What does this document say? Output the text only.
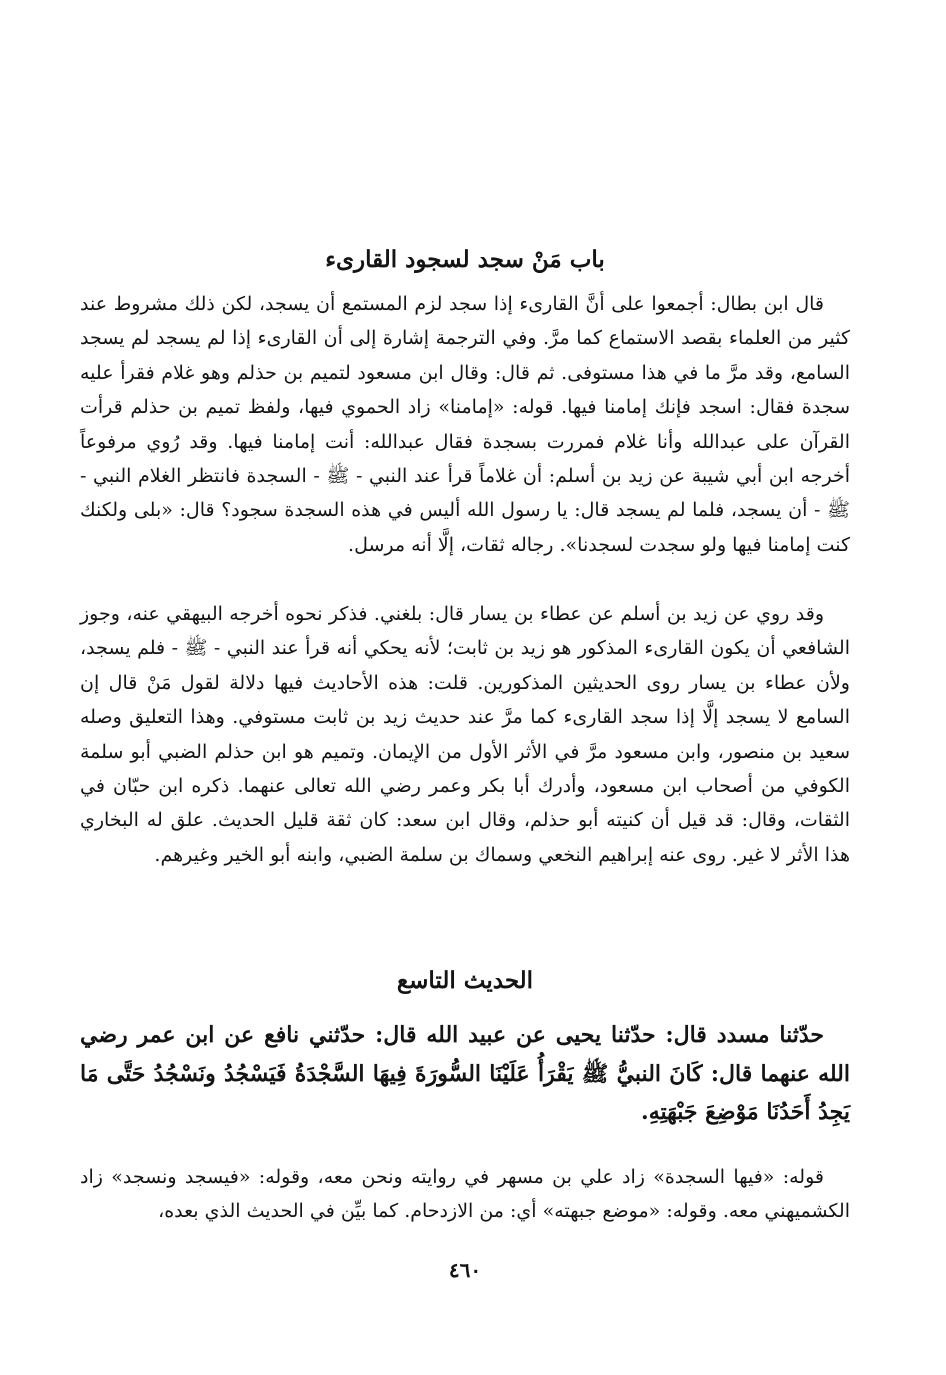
باب مَنْ سجد لسجود القارىء

قال ابن بطال: أجمعوا على أنَّ القارىء إذا سجد لزم المستمع أن يسجد، لكن ذلك مشروط عند كثير من العلماء بقصد الاستماع كما مرَّ. وفي الترجمة إشارة إلى أن القارىء إذا لم يسجد لم يسجد السامع، وقد مرَّ ما في هذا مستوفى. ثم قال: وقال ابن مسعود لتميم بن حذلم وهو غلام فقرأ عليه سجدة فقال: اسجد فإنك إمامنا فيها. قوله: «إمامنا» زاد الحموي فيها، ولفظ تميم بن حذلم قرأت القرآن على عبدالله وأنا غلام فمررت بسجدة فقال عبدالله: أنت إمامنا فيها. وقد رُوي مرفوعاً أخرجه ابن أبي شيبة عن زيد بن أسلم: أن غلاماً قرأ عند النبي - ﷺ - السجدة فانتظر الغلام النبي - ﷺ - أن يسجد، فلما لم يسجد قال: يا رسول الله أليس في هذه السجدة سجود؟ قال: «بلى ولكنك كنت إمامنا فيها ولو سجدت لسجدنا». رجاله ثقات، إلَّا أنه مرسل.

وقد روي عن زيد بن أسلم عن عطاء بن يسار قال: بلغني. فذكر نحوه أخرجه البيهقي عنه، وجوز الشافعي أن يكون القارىء المذكور هو زيد بن ثابت؛ لأنه يحكي أنه قرأ عند النبي - ﷺ - فلم يسجد، ولأن عطاء بن يسار روى الحديثين المذكورين. قلت: هذه الأحاديث فيها دلالة لقول مَنْ قال إن السامع لا يسجد إلَّا إذا سجد القارىء كما مرَّ عند حديث زيد بن ثابت مستوفي. وهذا التعليق وصله سعيد بن منصور، وابن مسعود مرَّ في الأثر الأول من الإيمان. وتميم هو ابن حذلم الضبي أبو سلمة الكوفي من أصحاب ابن مسعود، وأدرك أبا بكر وعمر رضي الله تعالى عنهما. ذكره ابن حبّان في الثقات، وقال: قد قيل أن كنيته أبو حذلم، وقال ابن سعد: كان ثقة قليل الحديث. علق له البخاري هذا الأثر لا غير. روى عنه إبراهيم النخعي وسماك بن سلمة الضبي، وابنه أبو الخير وغيرهم.

الحديث التاسع
حدّثنا مسدد قال: حدّثنا يحيى عن عبيد الله قال: حدّثني نافع عن ابن عمر رضي الله عنهما قال: كَانَ النبيُّ ﷺ يَقْرَأُ عَلَيْنَا السُّورَةَ فِيهَا السَّجْدَةُ فَيَسْجُدُ ونَسْجُدُ حَتَّى مَا يَجِدُ أَحَدُنَا مَوْضِعَ جَبْهَتِهِ.

قوله: «فيها السجدة» زاد علي بن مسهر في روايته ونحن معه، وقوله: «فيسجد ونسجد» زاد الكشميهني معه. وقوله: «موضع جبهته» أي: من الازدحام. كما بيِّن في الحديث الذي بعده،

٤٦٠
